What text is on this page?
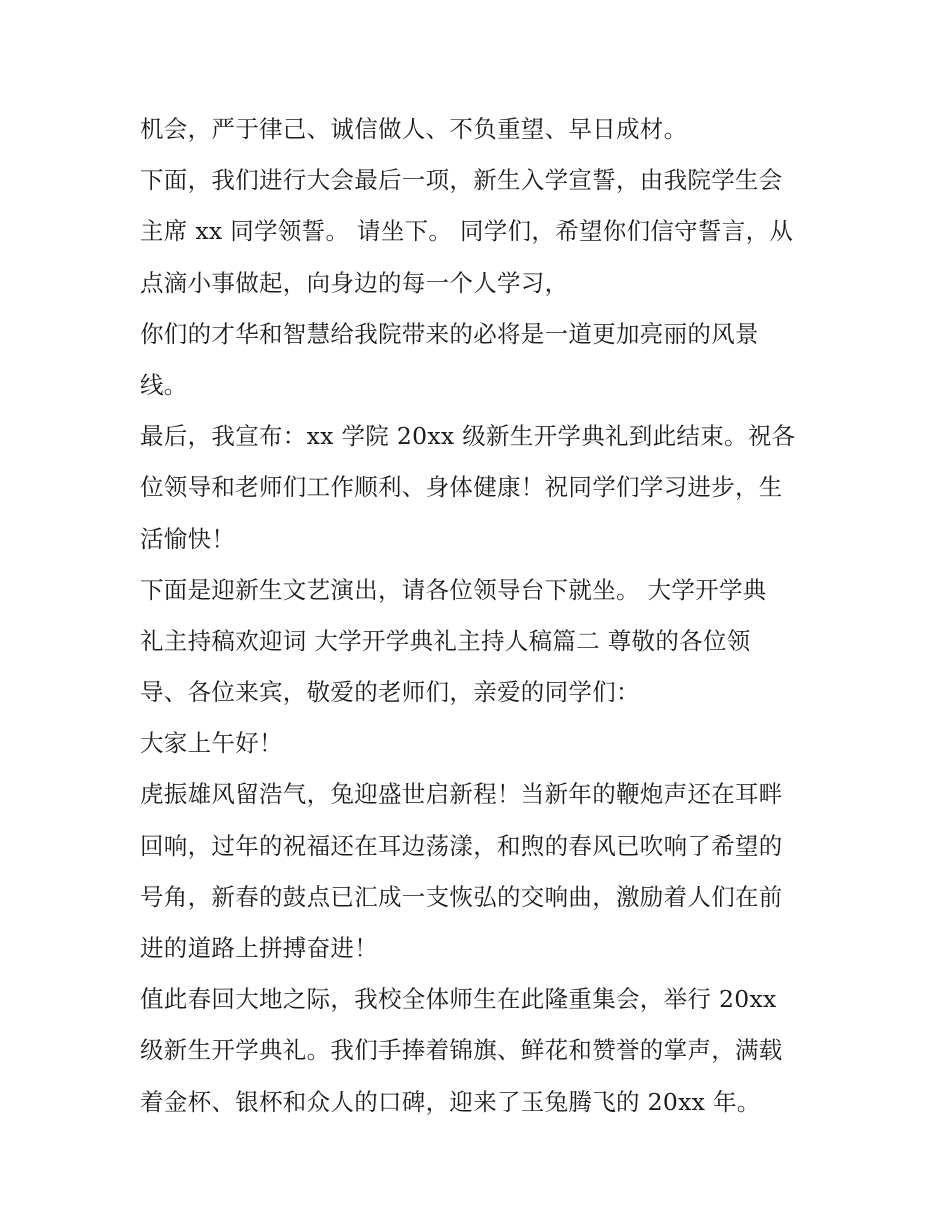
机会，严于律己、诚信做人、不负重望、早日成材。
下面，我们进行大会最后一项，新生入学宣誓，由我院学生会
主席 xx 同学领誓。 请坐下。 同学们，希望你们信守誓言，从
点滴小事做起，向身边的每一个人学习，
你们的才华和智慧给我院带来的必将是一道更加亮丽的风景
线。
最后，我宣布：xx 学院 20xx 级新生开学典礼到此结束。祝各
位领导和老师们工作顺利、身体健康！祝同学们学习进步，生
活愉快！
下面是迎新生文艺演出，请各位领导台下就坐。 大学开学典
礼主持稿欢迎词 大学开学典礼主持人稿篇二 尊敬的各位领
导、各位来宾，敬爱的老师们，亲爱的同学们：
大家上午好！
虎振雄风留浩气，兔迎盛世启新程！当新年的鞭炮声还在耳畔
回响，过年的祝福还在耳边荡漾，和煦的春风已吹响了希望的
号角，新春的鼓点已汇成一支恢弘的交响曲，激励着人们在前
进的道路上拼搏奋进！
值此春回大地之际，我校全体师生在此隆重集会，举行 20xx
级新生开学典礼。我们手捧着锦旗、鲜花和赞誉的掌声，满载
着金杯、银杯和众人的口碑，迎来了玉兔腾飞的 20xx 年。
